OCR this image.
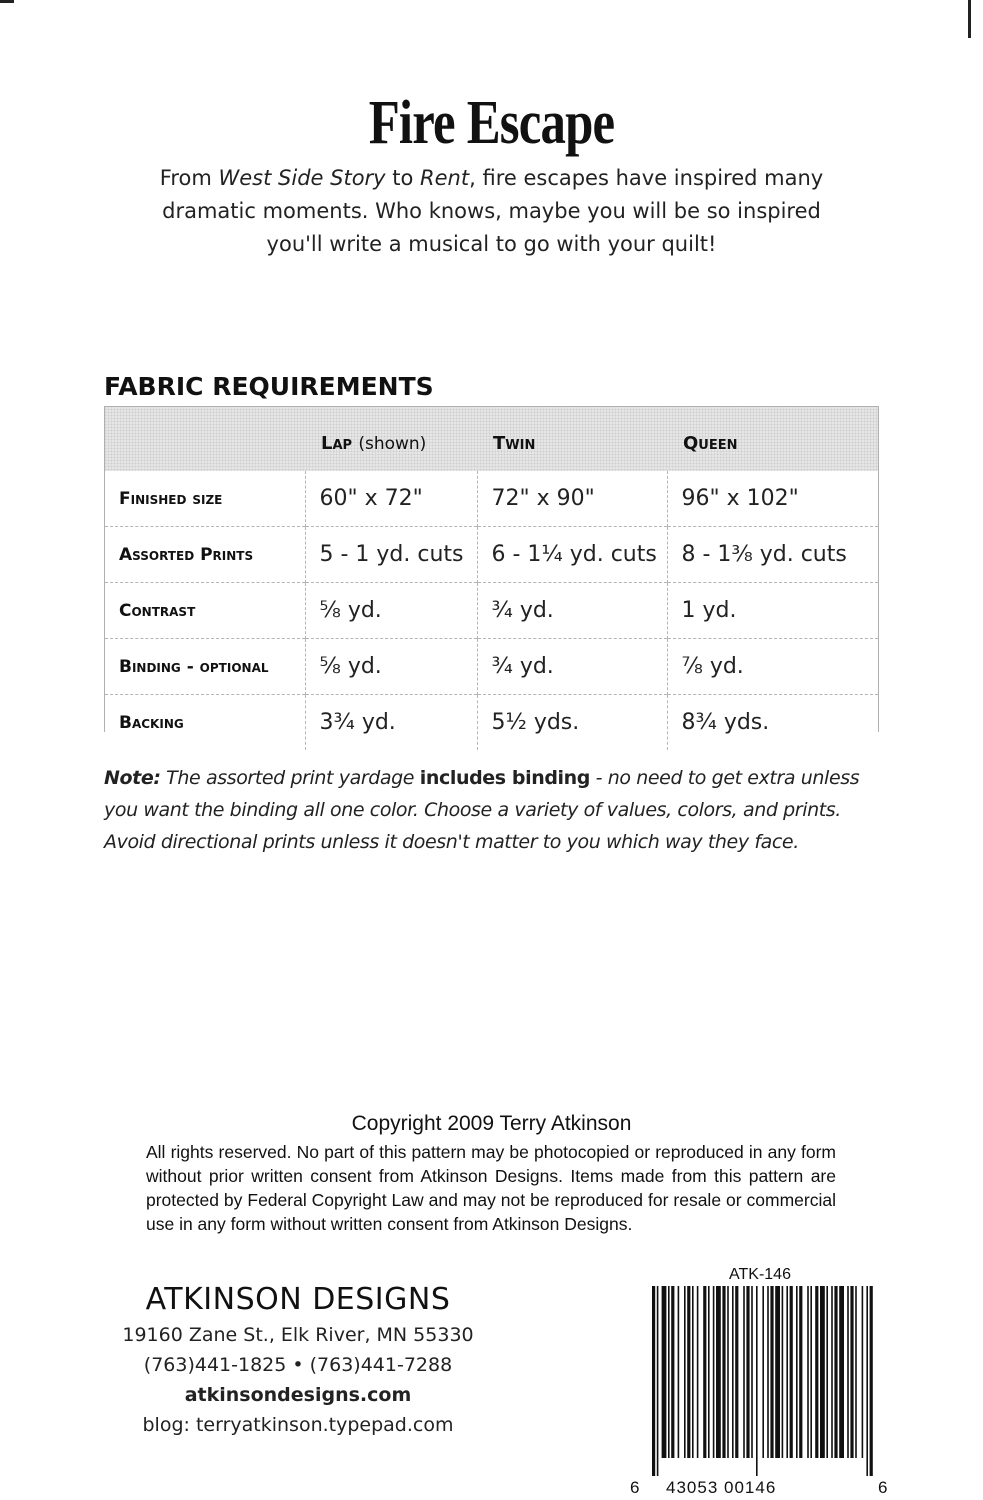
Fire Escape
From West Side Story to Rent, fire escapes have inspired many
dramatic moments. Who knows, maybe you will be so inspired
you'll write a musical to go with your quilt!
FABRIC REQUIREMENTS
	Lap (shown)	Twin	Queen
Finished size	60" x 72"	72" x 90"	96" x 102"
Assorted Prints	5 - 1 yd. cuts	6 - 1¼ yd. cuts	8 - 1³⁄₈ yd. cuts
Contrast	⅝ yd.	¾ yd.	1 yd.
Binding - optional	⅝ yd.	¾ yd.	⅞ yd.
Backing	3¾ yd.	5½ yds.	8¾ yds.
Note: The assorted print yardage includes binding - no need to get extra unless you want the binding all one color. Choose a variety of values, colors, and prints. Avoid directional prints unless it doesn't matter to you which way they face.
Copyright 2009 Terry Atkinson
All rights reserved. No part of this pattern may be photocopied or reproduced in any form without prior written consent from Atkinson Designs. Items made from this pattern are protected by Federal Copyright Law and may not be reproduced for resale or commercial use in any form without written consent from Atkinson Designs.
ATKINSON DESIGNS
19160 Zane St., Elk River, MN 55330
(763)441-1825 • (763)441-7288
atkinsondesigns.com
blog: terryatkinson.typepad.com
ATK-146
6 43053 00146	6
